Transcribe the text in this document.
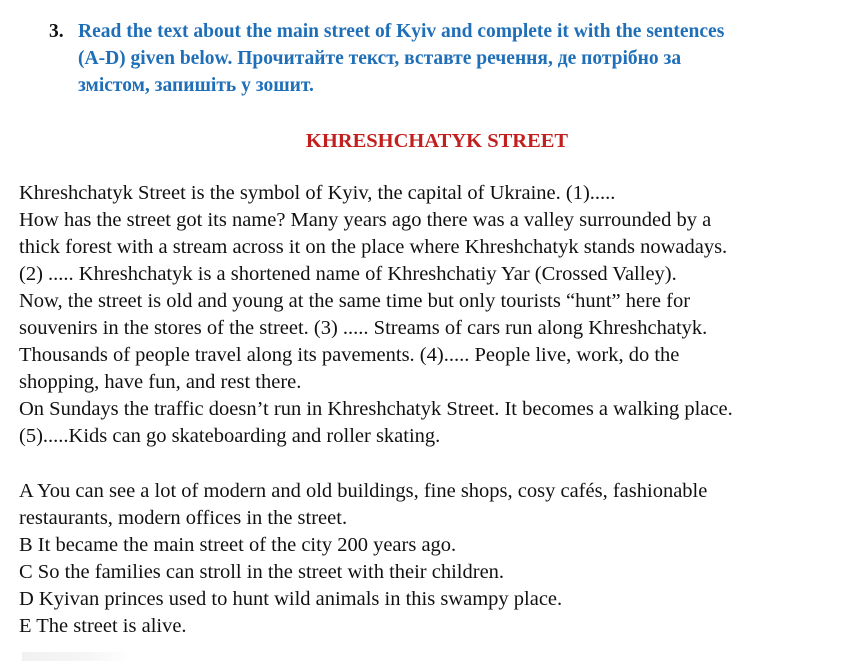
3. Read the text about the main street of Kyiv and complete it with the sentences
(A-D) given below. Прочитайте текст, вставте речення, де потрібно за
змістом, запишіть у зошит.
KHRESHCHATYK STREET
Khreshchatyk Street is the symbol of Kyiv, the capital of Ukraine. (1).....
How has the street got its name? Many years ago there was a valley surrounded by a
thick forest with a stream across it on the place where Khreshchatyk stands nowadays.
(2) ..... Khreshchatyk is a shortened name of Khreshchatiy Yar (Crossed Valley).
Now, the street is old and young at the same time but only tourists “hunt” here for
souvenirs in the stores of the street. (3) ..... Streams of cars run along Khreshchatyk.
Thousands of people travel along its pavements. (4)..... People live, work, do the
shopping, have fun, and rest there.
On Sundays the traffic doesn’t run in Khreshchatyk Street. It becomes a walking place.
(5).....Kids can go skateboarding and roller skating.
A You can see a lot of modern and old buildings, fine shops, cosy cafés, fashionable
restaurants, modern offices in the street.
B It became the main street of the city 200 years ago.
C So the families can stroll in the street with their children.
D Kyivan princes used to hunt wild animals in this swampy place.
E The street is alive.
